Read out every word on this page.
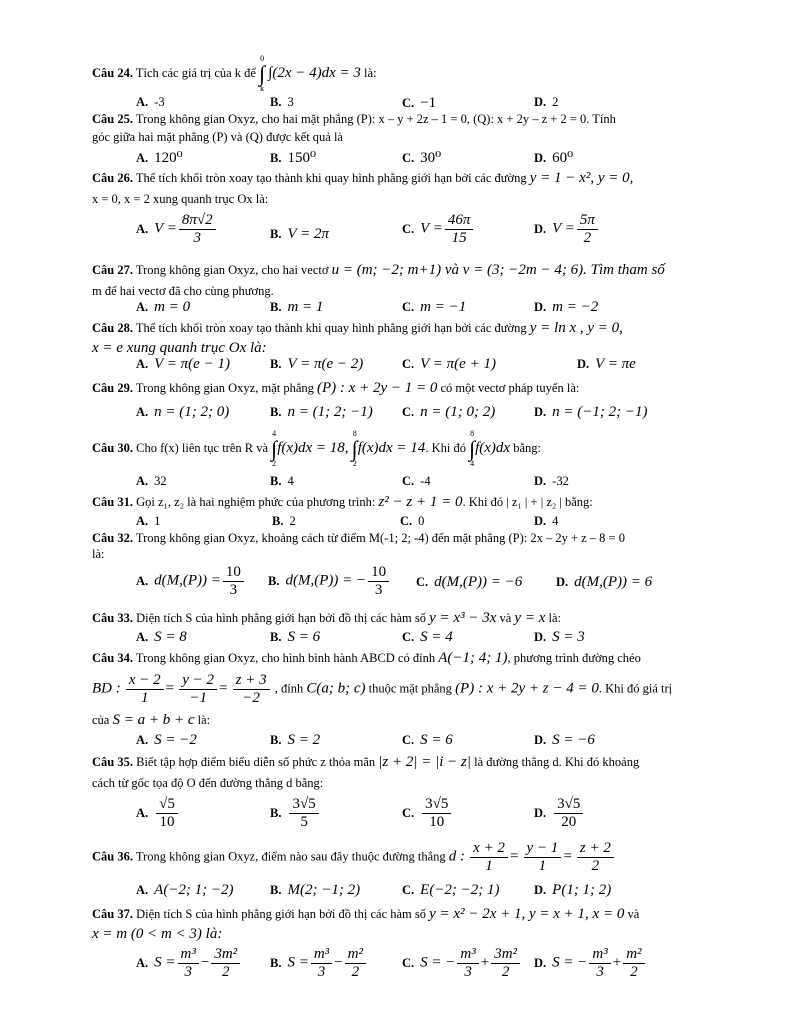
Câu 24. Tích các giá trị của k để 0
∫
k ∫(2x − 4)dx = 3 là:
A. -3	B. 3	C. −1	D. 2
Câu 25. Trong không gian Oxyz, cho hai mặt phẳng (P): x – y + 2z – 1 = 0, (Q): x + 2y – z + 2 = 0. Tính
góc giữa hai mặt phẳng (P) và (Q) được kết quả là
A. 120⁰	B. 150⁰	C. 30⁰	D. 60⁰
Câu 26. Thể tích khối tròn xoay tạo thành khi quay hình phẳng giới hạn bởi các đường y = 1 − x², y = 0,
x = 0, x = 2 xung quanh trục Ox là:
A. $V = \frac{8\pi√2}{3}$	B. V = 2π	C. $V = \frac{46\pi}{15}$	D. $V = \frac{5\pi}{2}$
Câu 27. Trong không gian Oxyz, cho hai vectơ u = (m; −2; m+1) và v = (3; −2m − 4; 6). Tìm tham số
m để hai vectơ đã cho cùng phương.
A. m = 0	B. m = 1	C. m = −1	D. m = −2
Câu 28. Thể tích khối tròn xoay tạo thành khi quay hình phẳng giới hạn bởi các đường y = ln x , y = 0,
x = e xung quanh trục Ox là:
A. V = π(e − 1)	B. V = π(e − 2)	C. V = π(e + 1)	D. V = πe
Câu 29. Trong không gian Oxyz, mặt phẳng (P) : x + 2y − 1 = 0 có một vectơ pháp tuyến là:
A. n = (1; 2; 0)	B. n = (1; 2; −1) C. n = (1; 0; 2)	D. n = (−1; 2; −1)
Câu 30. Cho f(x) liên tục trên R và 4
∫
2f(x)dx = 18, 8
∫
2f(x)dx = 14. Khi đó 8
∫
4f(x)dx bằng:
A. 32	B. 4	C. -4	D. -32
Câu 31. Gọi z₁, z₂ là hai nghiệm phức của phương trình: z² − z + 1 = 0. Khi đó | z₁ | + | z₂ | bằng:
A. 1	B. 2	C. 0	D. 4
Câu 32. Trong không gian Oxyz, khoảng cách từ điểm M(-1; 2; -4) đến mặt phẳng (P): 2x – 2y + z – 8 = 0
là:
A. $d(M,(P)) = \frac{10}{3} B$. d(M,(P)) = − $\frac{10}{3} C$. d(M,(P)) = −6	D. d(M,(P)) = 6
Câu 33. Diện tích S của hình phẳng giới hạn bởi đồ thị các hàm số y = x³ − 3x và y = x là:
A. S = 8	B. S = 6	C. S = 4	D. S = 3
Câu 34. Trong không gian Oxyz, cho hình bình hành ABCD có đỉnh A(−1; 4; 1), phương trình đường chéo
BD : $\frac{x - 2}{1} = \frac{y - 2}{-1} = \frac{z + 3}{-2}$ , đỉnh C(a; b; c) thuộc mặt phẳng (P) : x + 2y + z − 4 = 0. Khi đó giá trị
của S = a + b + c là:
A. S = −2	B. S = 2	C. S = 6	D. S = −6
Câu 35. Biết tập hợp điểm biểu diễn số phức z thỏa mãn |z + 2| = |i − z| là đường thẳng d. Khi đó khoảng
cách từ gốc tọa độ O đến đường thẳng d bằng:
A. $\frac{√5}{10}$	B. $\frac{3√5}{5}$	C. $\frac{3√5}{10}$	D. $\frac{3√5}{20}$
Câu 36. Trong không gian Oxyz, điểm nào sau đây thuộc đường thẳng d : $\frac{x + 2}{1} = \frac{y - 1}{1} = \frac{z + 2}{2}$
A. A(−2; 1; −2)	B. M(2; −1; 2)	C. E(−2; −2; 1)	D. P(1; 1; 2)
Câu 37. Diện tích S của hình phẳng giới hạn bởi đồ thị các hàm số y = x² − 2x + 1, y = x + 1, x = 0 và
x = m (0 < m < 3) là:
A. $S = \frac{\text{m³}}{3} - \frac{\text{3m²}}{2} B$. $S = \frac{\text{m³}}{3} - \frac{\text{m²}}{2}$	C. S = − $\frac{\text{m³}}{3} + \frac{\text{3m²}}{2} D$. S = − $\frac{\text{m³}}{3} + \frac{\text{m²}}{2}$
